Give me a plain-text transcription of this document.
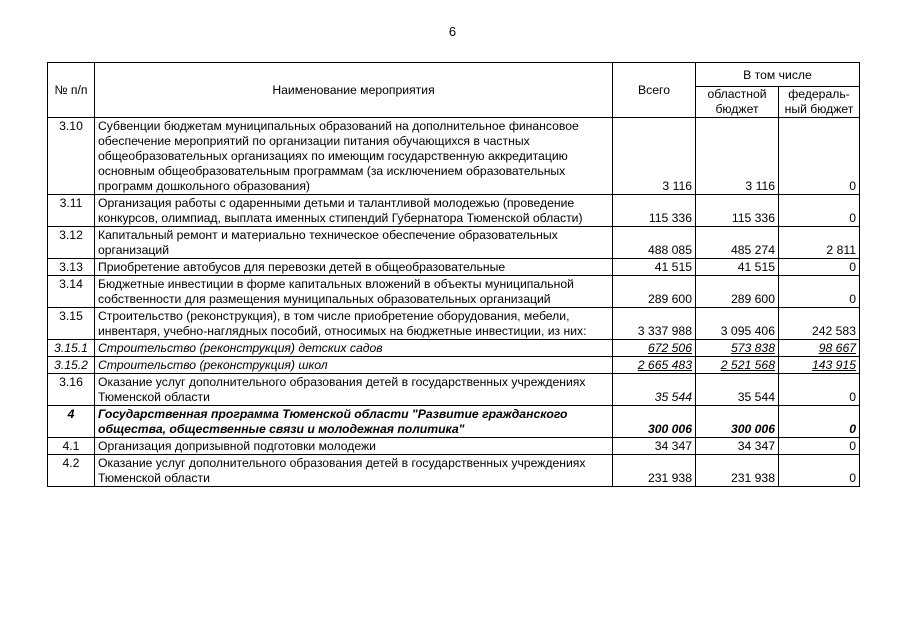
6
№ п/п	Наименование мероприятия	Всего	В том числе	
			областной бюджет	федераль-ный бюджет
3.10	Субвенции бюджетам муниципальных образований на дополнительное финансовое обеспечение мероприятий по организации питания обучающихся в частных общеобразовательных организациях по имеющим государственную аккредитацию основным общеобразовательным программам (за исключением образовательных программ дошкольного образования)	3 116	3 116	0
3.11	Организация работы с одаренными детьми и талантливой молодежью (проведение конкурсов, олимпиад, выплата именных стипендий Губернатора Тюменской области)	115 336	115 336	0
3.12	Капитальный ремонт и материально техническое обеспечение образовательных организаций	488 085	485 274	2 811
3.13	Приобретение автобусов для перевозки детей в общеобразовательные	41 515	41 515	0
3.14	Бюджетные инвестиции в форме капитальных вложений в объекты муниципальной собственности для размещения муниципальных образовательных организаций	289 600	289 600	0
3.15	Строительство (реконструкция), в том числе приобретение оборудования, мебели, инвентаря, учебно-наглядных пособий, относимых на бюджетные инвестиции, из них:	3 337 988	3 095 406	242 583
3.15.1	Строительство (реконструкция) детских садов	672 506	573 838	98 667
3.15.2	Строительство (реконструкция) школ	2 665 483	2 521 568	143 915
3.16	Оказание услуг дополнительного образования детей в государственных учреждениях Тюменской области	35 544	35 544	0
4	Государственная программа Тюменской области "Развитие гражданского общества, общественные связи и молодежная политика"	300 006	300 006	0
4.1	Организация допризывной подготовки молодежи	34 347	34 347	0
4.2	Оказание услуг дополнительного образования детей в государственных учреждениях Тюменской области	231 938	231 938	0
